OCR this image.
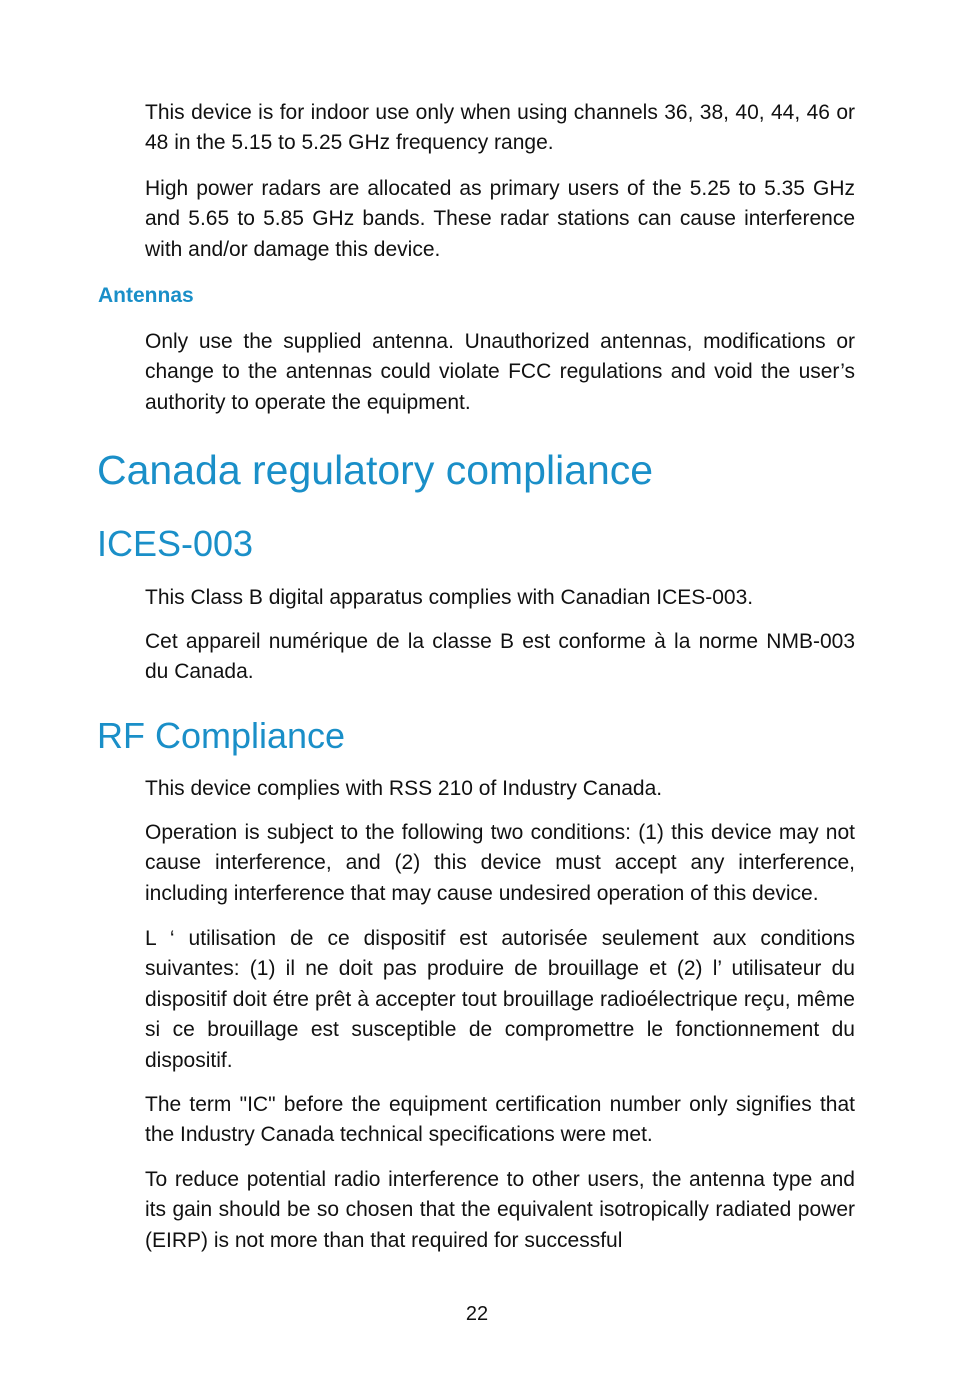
This device is for indoor use only when using channels 36, 38, 40, 44, 46 or 48 in the 5.15 to 5.25 GHz frequency range.

High power radars are allocated as primary users of the 5.25 to 5.35 GHz and 5.65 to 5.85 GHz bands. These radar stations can cause interference with and/or damage this device.

Antennas

Only use the supplied antenna. Unauthorized antennas, modifications or change to the antennas could violate FCC regulations and void the user’s authority to operate the equipment.

Canada regulatory compliance
ICES-003

This Class B digital apparatus complies with Canadian ICES-003.

Cet appareil numérique de la classe B est conforme à la norme NMB-003 du Canada.

RF Compliance

This device complies with RSS 210 of Industry Canada.

Operation is subject to the following two conditions: (1) this device may not cause interference, and (2) this device must accept any interference, including interference that may cause undesired operation of this device.

L ‘ utilisation de ce dispositif est autorisée seulement aux conditions suivantes: (1) il ne doit pas produire de brouillage et (2) l’ utilisateur du dispositif doit étre prêt à accepter tout brouillage radioélectrique reçu, même si ce brouillage est susceptible de compromettre le fonctionnement du dispositif.

The term "IC" before the equipment certification number only signifies that the Industry Canada technical specifications were met.

To reduce potential radio interference to other users, the antenna type and its gain should be so chosen that the equivalent isotropically radiated power (EIRP) is not more than that required for successful

22
